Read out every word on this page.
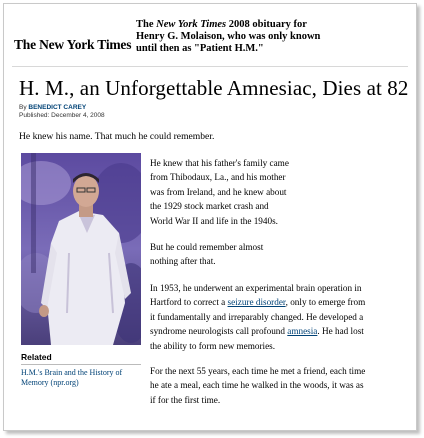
The New York Times
The New York Times 2008 obituary for
Henry G. Molaison, who was only known
until then as "Patient H.M."
H. M., an Unforgettable Amnesiac, Dies at 82
By BENEDICT CAREY
Published: December 4, 2008
He knew his name. That much he could remember.
Related
H.M.'s Brain and the History of
Memory (npr.org)
He knew that his father's family came
from Thibodaux, La., and his mother
was from Ireland, and he knew about
the 1929 stock market crash and
World War II and life in the 1940s.
But he could remember almost
nothing after that.
In 1953, he underwent an experimental brain operation in
Hartford to correct a seizure disorder, only to emerge from
it fundamentally and irreparably changed. He developed a
syndrome neurologists call profound amnesia. He had lost
the ability to form new memories.
For the next 55 years, each time he met a friend, each time
he ate a meal, each time he walked in the woods, it was as
if for the first time.
